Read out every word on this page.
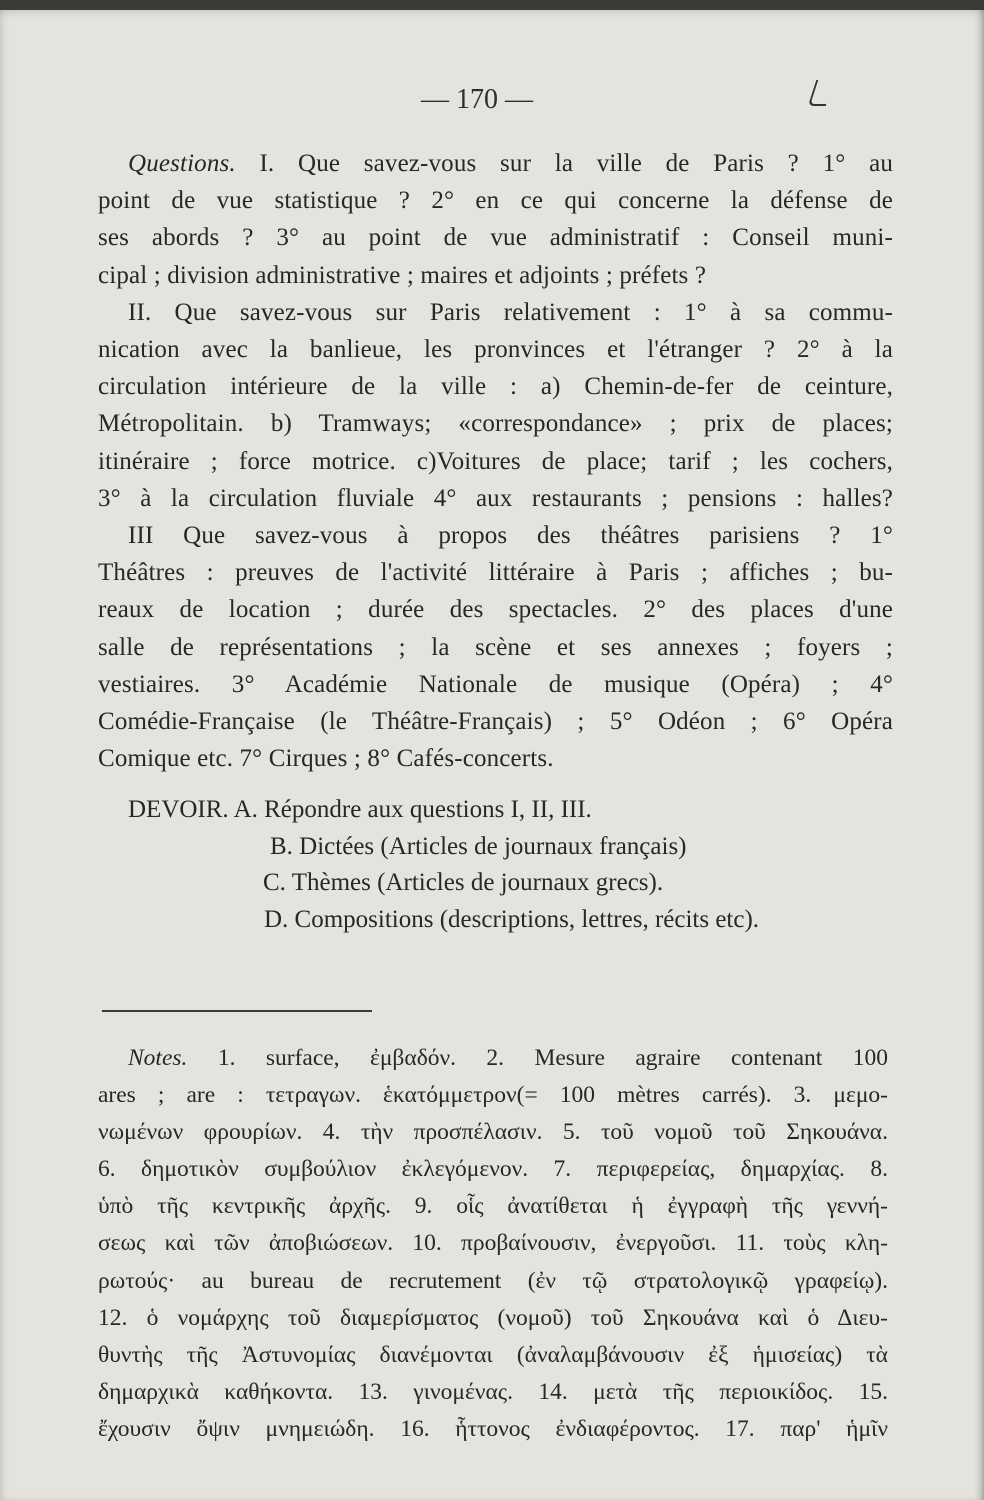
— 170 —
Questions. I. Que savez-vous sur la ville de Paris ? 1° au
point de vue statistique ? 2° en ce qui concerne la défense de
ses abords ? 3° au point de vue administratif : Conseil muni-
cipal ; division administrative ; maires et adjoints ; préfets ?
II. Que savez-vous sur Paris relativement : 1° à sa commu-
nication avec la banlieue, les pronvinces et l'étranger ? 2° à la
circulation intérieure de la ville : a) Chemin-de-fer de ceinture,
Métropolitain. b) Tramways; «correspondance» ; prix de places;
itinéraire ; force motrice. c)Voitures de place; tarif ; les cochers,
3° à la circulation fluviale 4° aux restaurants ; pensions : halles?
III Que savez-vous à propos des théâtres parisiens ? 1°
Théâtres : preuves de l'activité littéraire à Paris ; affiches ; bu-
reaux de location ; durée des spectacles. 2° des places d'une
salle de représentations ; la scène et ses annexes ; foyers ;
vestiaires. 3° Académie Nationale de musique (Opéra) ; 4°
Comédie-Française (le Théâtre-Français) ; 5° Odéon ; 6° Opéra
Comique etc. 7° Cirques ; 8° Cafés-concerts.
DEVOIR. A. Répondre aux questions I, II, III.
B. Dictées (Articles de journaux français)
C. Thèmes (Articles de journaux grecs).
D. Compositions (descriptions, lettres, récits etc).
Notes. 1. surface, ἐμβαδόν. 2. Mesure agraire contenant 100
ares ; are : τετραγων. ἑκατόμμετρον(= 100 mètres carrés). 3. μεμο-
νωμένων φρουρίων. 4. τὴν προσπέλασιν. 5. τοῦ νομοῦ τοῦ Σηκουάνα.
6. δημοτικὸν συμβούλιον ἐκλεγόμενον. 7. περιφερείας, δημαρχίας. 8.
ὑπὸ τῆς κεντρικῆς ἀρχῆς. 9. οἷς ἀνατίθεται ἡ ἐγγραφὴ τῆς γεννή-
σεως καὶ τῶν ἀποβιώσεων. 10. προβαίνουσιν, ἐνεργοῦσι. 11. τοὺς κλη-
ρωτούς· au bureau de recrutement (ἐν τῷ στρατολογικῷ γραφείῳ).
12. ὁ νομάρχης τοῦ διαμερίσματος (νομοῦ) τοῦ Σηκουάνα καὶ ὁ Διευ-
θυντὴς τῆς Ἀστυνομίας διανέμονται (ἀναλαμβάνουσιν ἐξ ἡμισείας) τὰ
δημαρχικὰ καθήκοντα. 13. γινομένας. 14. μετὰ τῆς περιοικίδος. 15.
ἔχουσιν ὄψιν μνημειώδη. 16. ἧττονος ἐνδιαφέροντος. 17. παρ' ἡμῖν
